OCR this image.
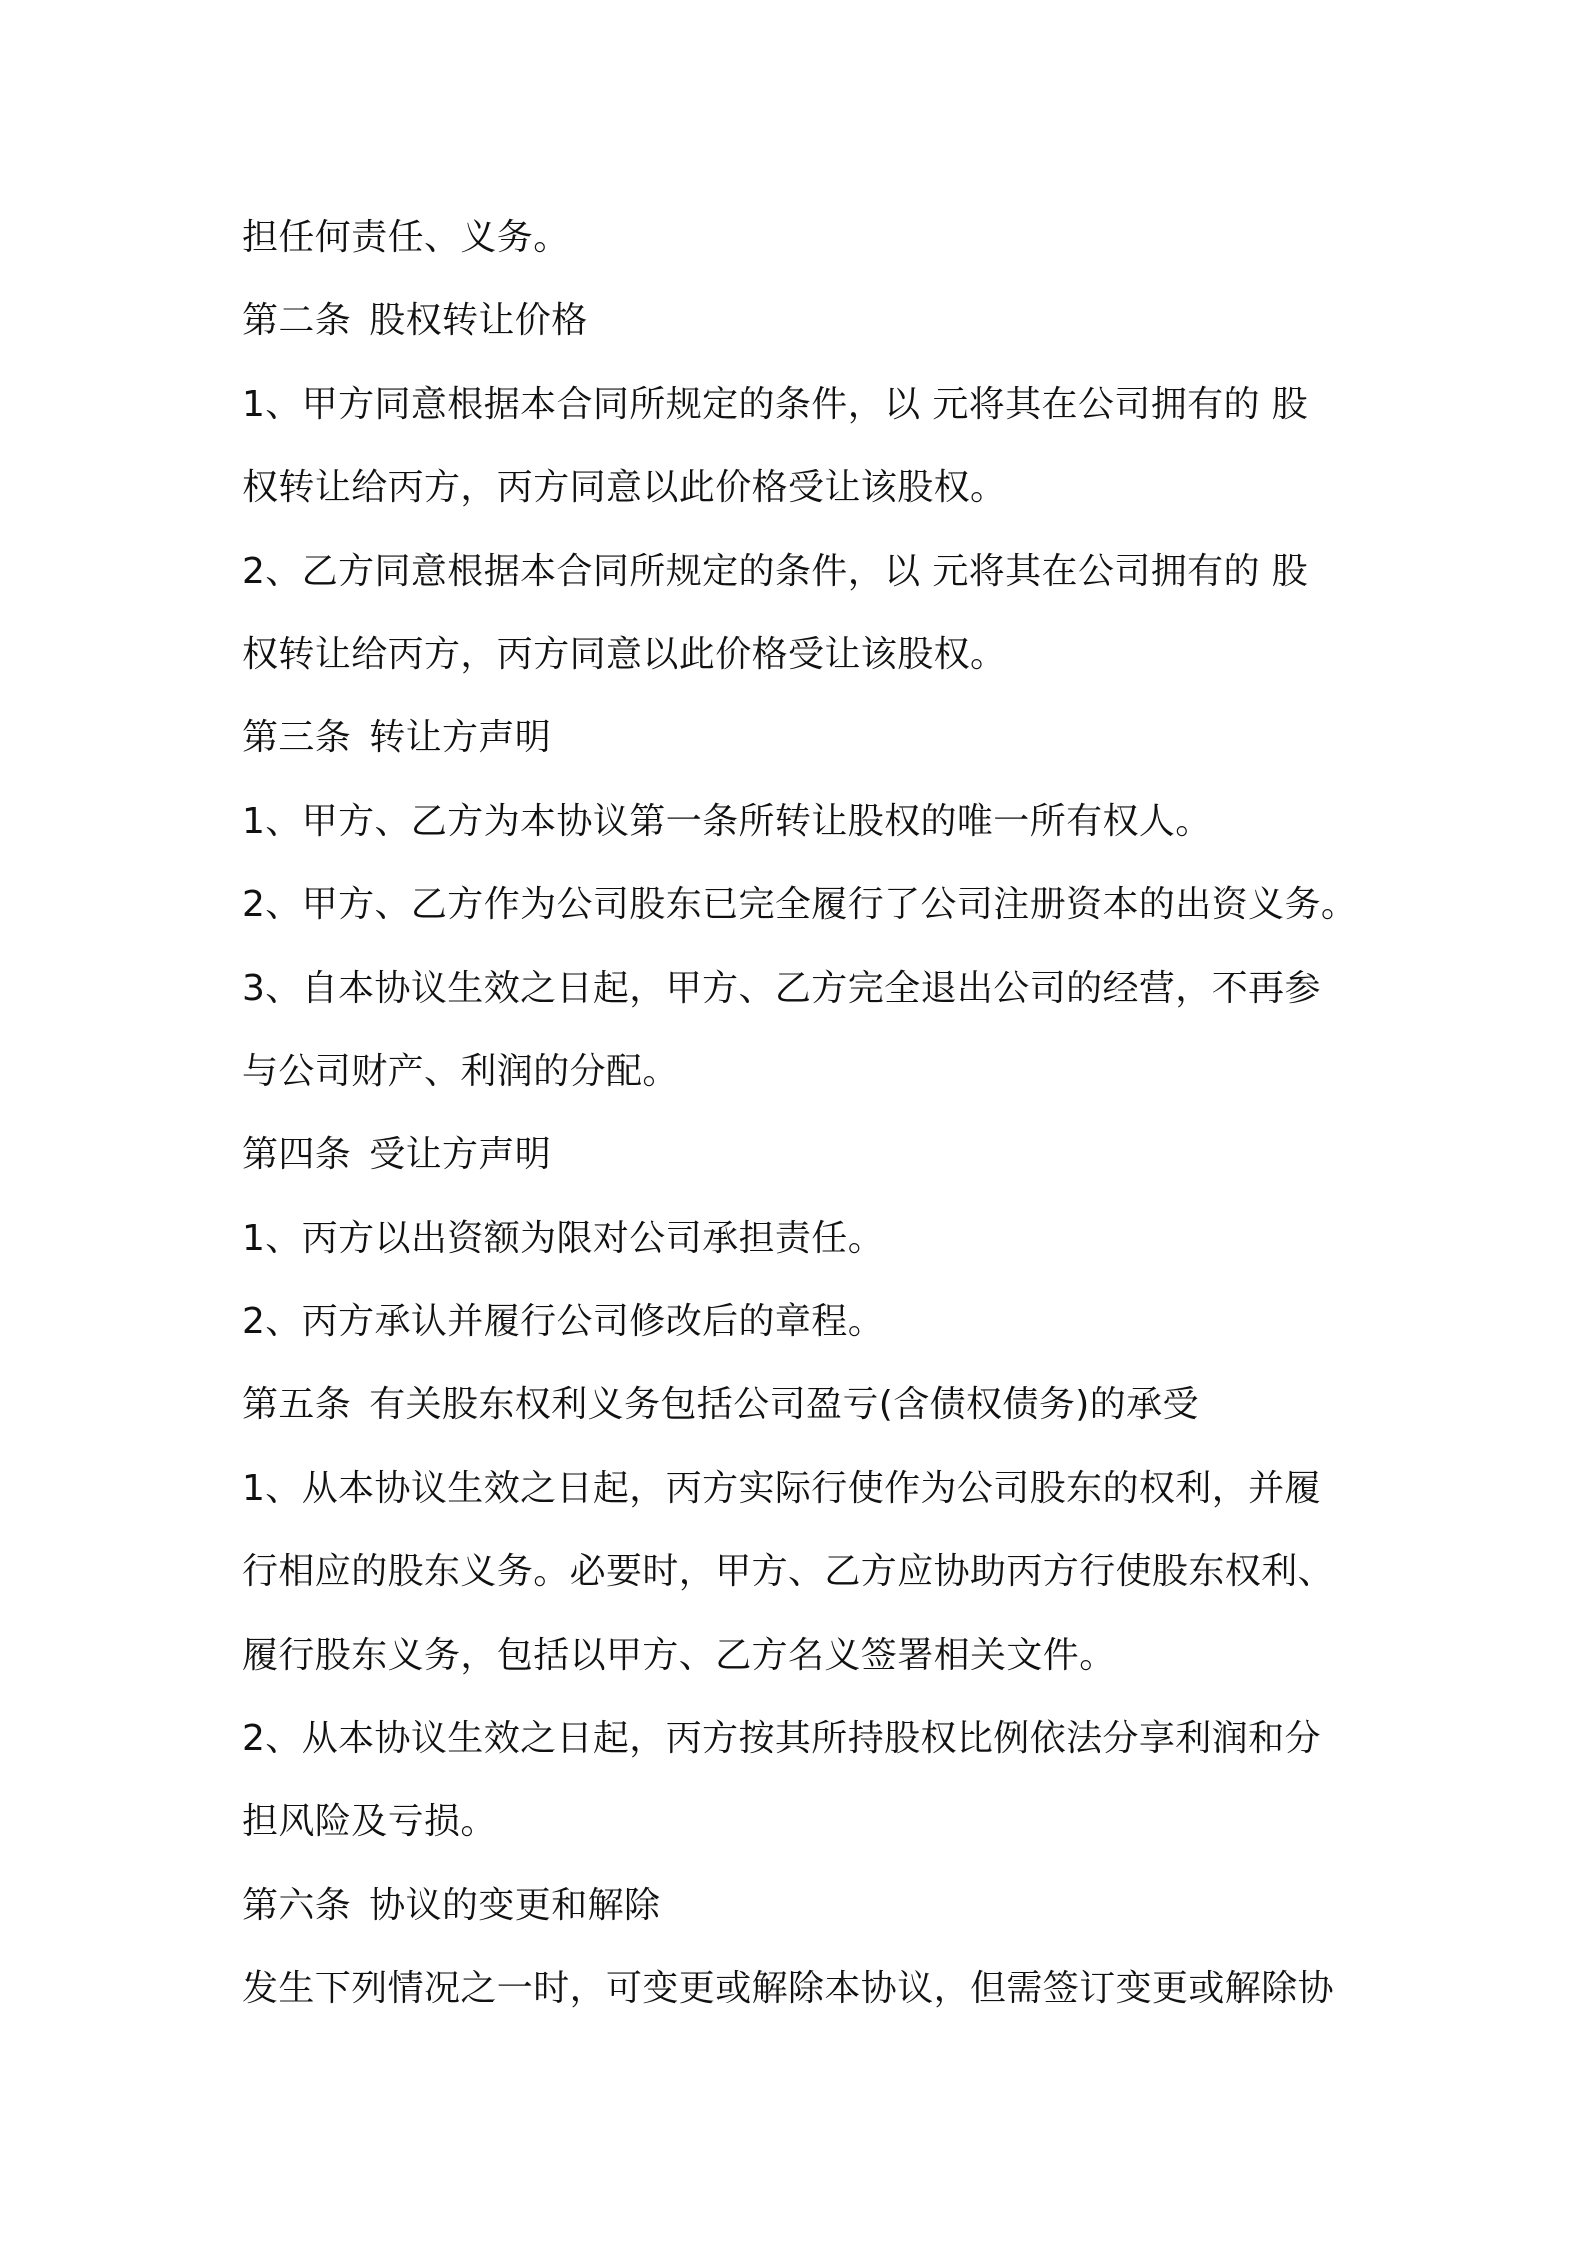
担任何责任、义务。
第二条 股权转让价格
1、甲方同意根据本合同所规定的条件，以 元将其在公司拥有的 股
权转让给丙方，丙方同意以此价格受让该股权。
2、乙方同意根据本合同所规定的条件，以 元将其在公司拥有的 股
权转让给丙方，丙方同意以此价格受让该股权。
第三条 转让方声明
1、甲方、乙方为本协议第一条所转让股权的唯一所有权人。
2、甲方、乙方作为公司股东已完全履行了公司注册资本的出资义务。
3、自本协议生效之日起，甲方、乙方完全退出公司的经营，不再参
与公司财产、利润的分配。
第四条 受让方声明
1、丙方以出资额为限对公司承担责任。
2、丙方承认并履行公司修改后的章程。
第五条 有关股东权利义务包括公司盈亏(含债权债务)的承受
1、从本协议生效之日起，丙方实际行使作为公司股东的权利，并履
行相应的股东义务。必要时，甲方、乙方应协助丙方行使股东权利、
履行股东义务，包括以甲方、乙方名义签署相关文件。
2、从本协议生效之日起，丙方按其所持股权比例依法分享利润和分
担风险及亏损。
第六条 协议的变更和解除
发生下列情况之一时，可变更或解除本协议，但需签订变更或解除协
